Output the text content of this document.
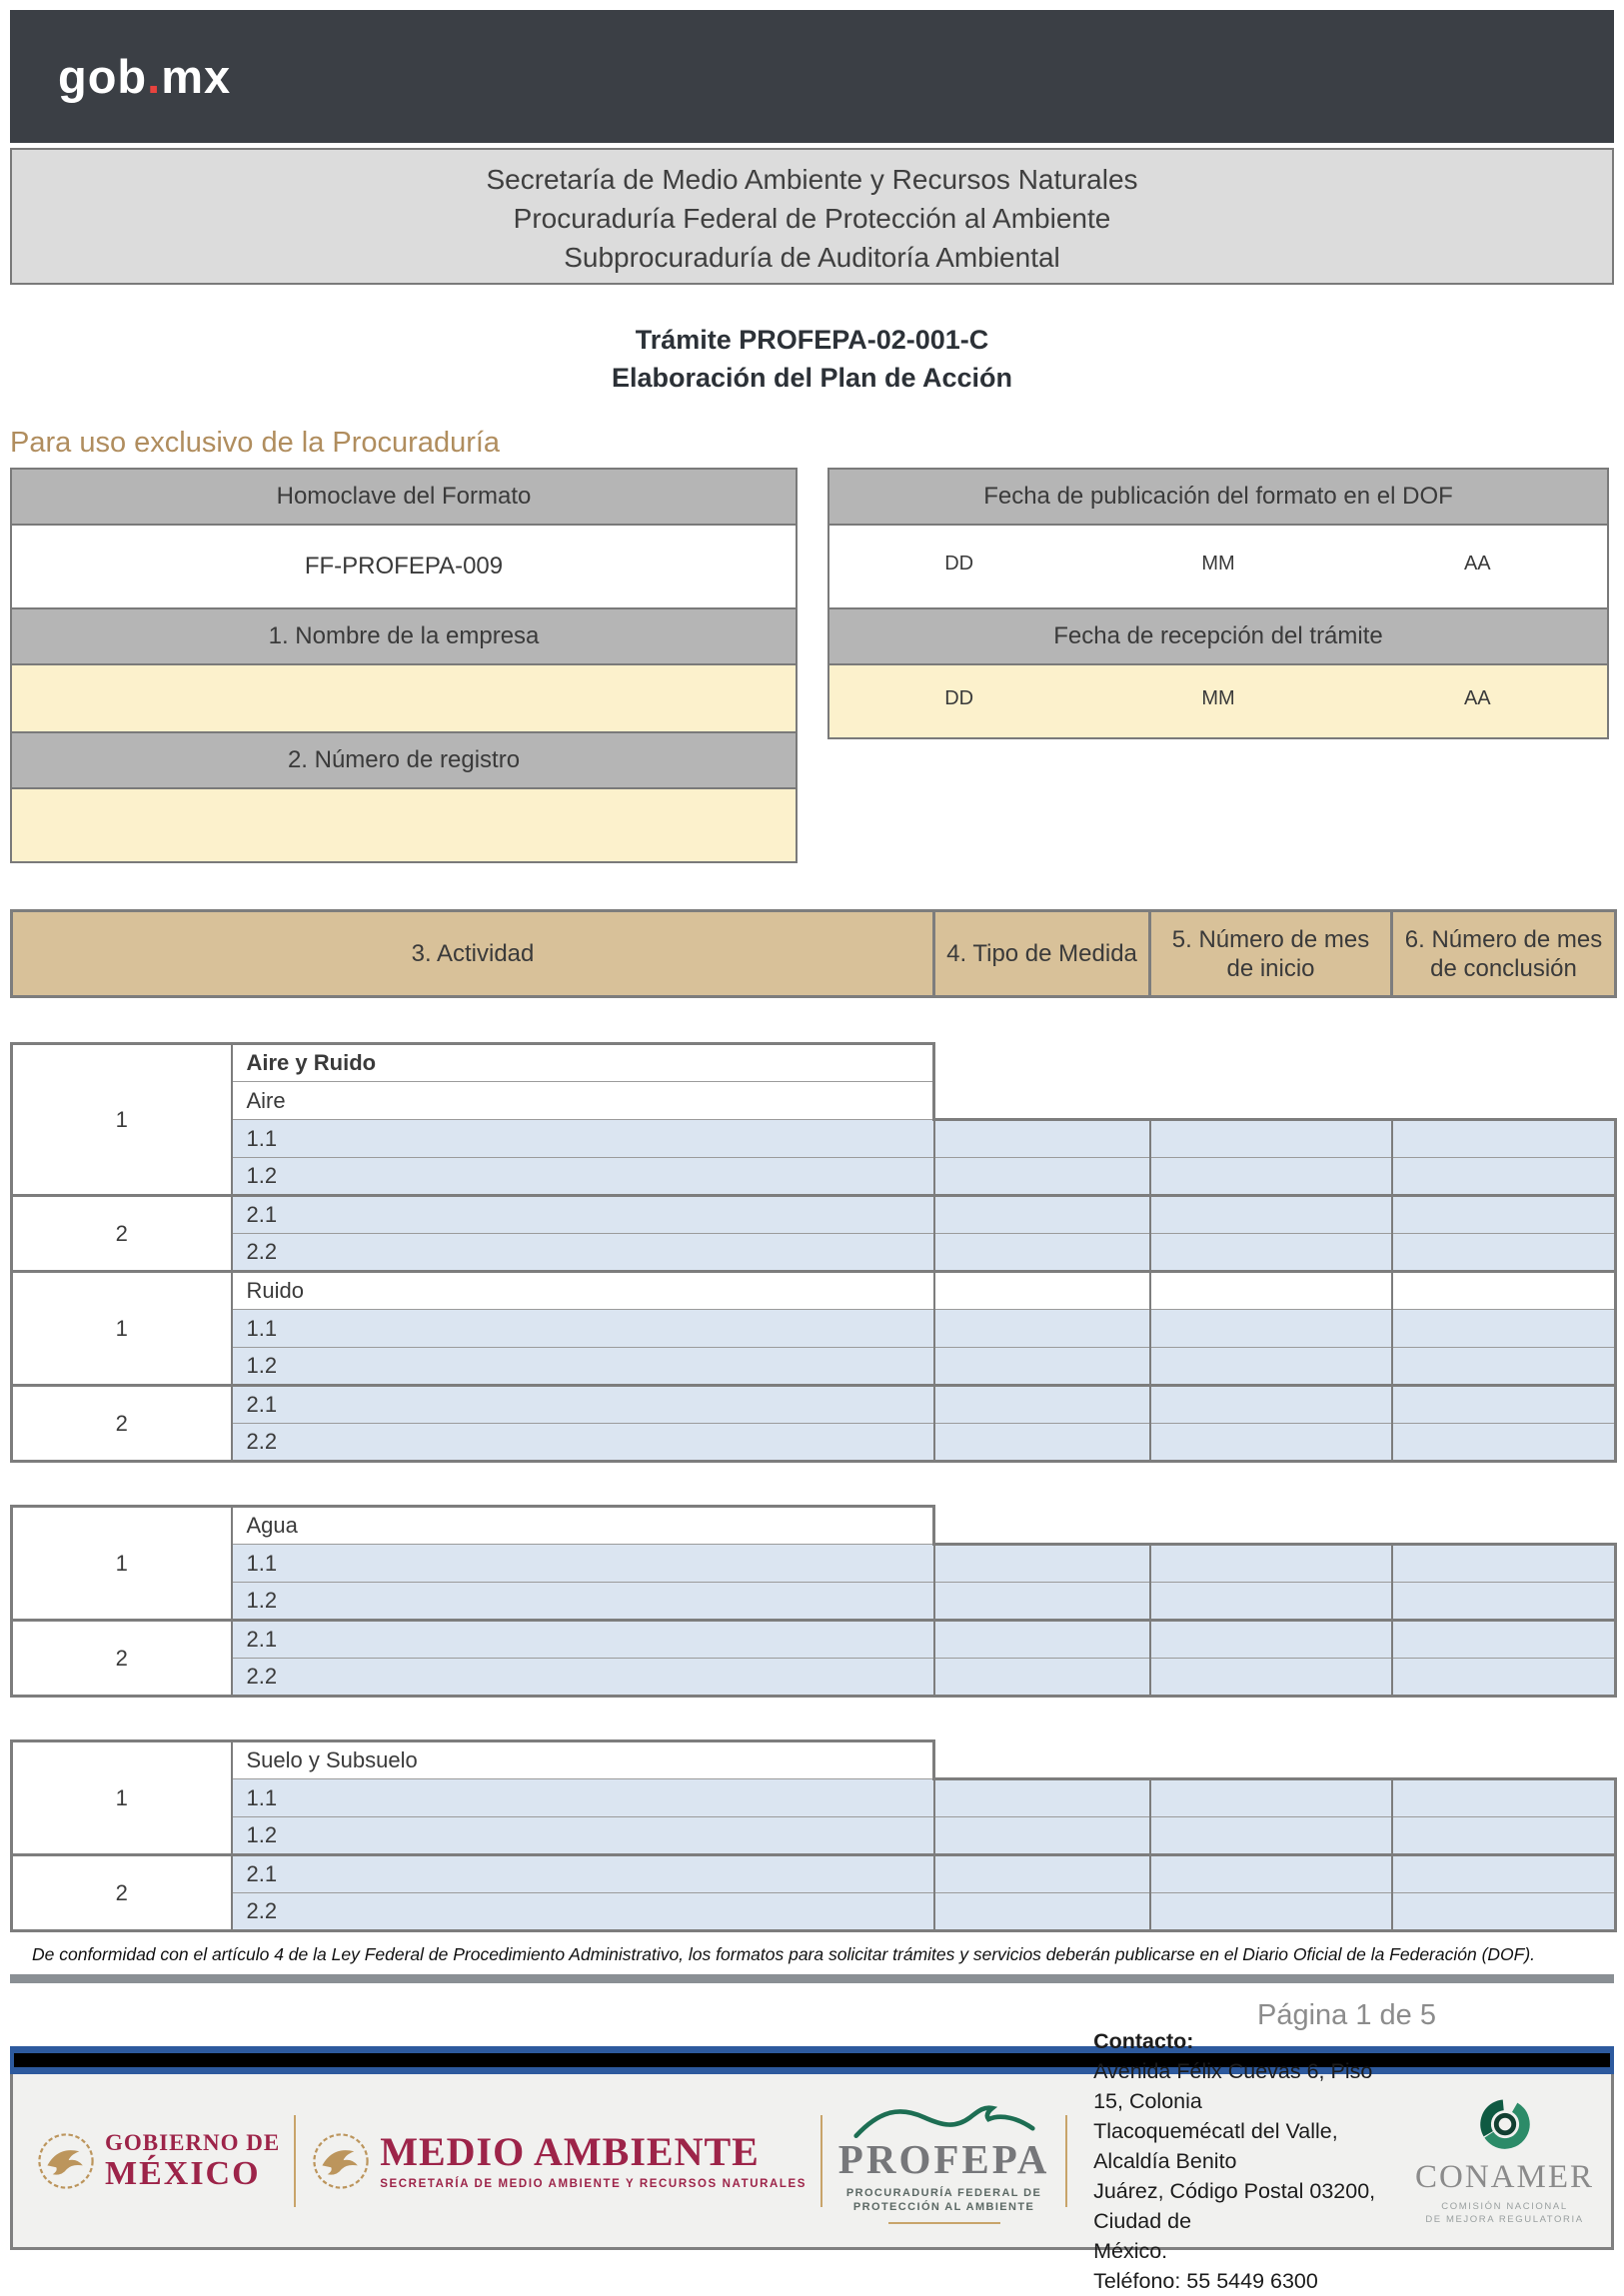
gob.mx
Secretaría de Medio Ambiente y Recursos Naturales
Procuraduría Federal de Protección al Ambiente
Subprocuraduría de Auditoría Ambiental
Trámite PROFEPA-02-001-C
Elaboración del Plan de Acción
Para uso exclusivo de la Procuraduría
Homoclave del Formato
FF-PROFEPA-009
1. Nombre de la empresa

2. Número de registro

Fecha de publicación del formato en el DOF

DD	MM	AA

Fecha de recepción del trámite

DD	MM	AA
3. Actividad	4. Tipo de Medida	5. Número de mes de inicio	6. Número de mes de conclusión
1	Aire y Ruido			
	Aire			
	1.1			
	1.2			
2	2.1			
	2.2			
1	Ruido			
	1.1			
	1.2			
2	2.1			
	2.2			
1	Agua			
	1.1			
	1.2			
2	2.1			
	2.2			
1	Suelo y Subsuelo			
	1.1			
	1.2			
2	2.1			
	2.2			
De conformidad con el artículo 4 de la Ley Federal de Procedimiento Administrativo, los formatos para solicitar trámites y servicios deberán publicarse en el Diario Oficial de la Federación (DOF).
Página 1 de 5
GOBIERNO DE
MÉXICO	MEDIO AMBIENTE
SECRETARÍA DE MEDIO AMBIENTE Y RECURSOS NATURALES
PROFEPA
PROCURADURÍA FEDERAL DE
PROTECCIÓN AL AMBIENTE
Contacto:
Avenida Félix Cuevas 6, Piso 15, Colonia
Tlacoquemécatl del Valle, Alcaldía Benito
Juárez, Código Postal 03200, Ciudad de
México.
Teléfono: 55 5449 6300
CONAMER
COMISIÓN NACIONAL
DE MEJORA REGULATORIA
